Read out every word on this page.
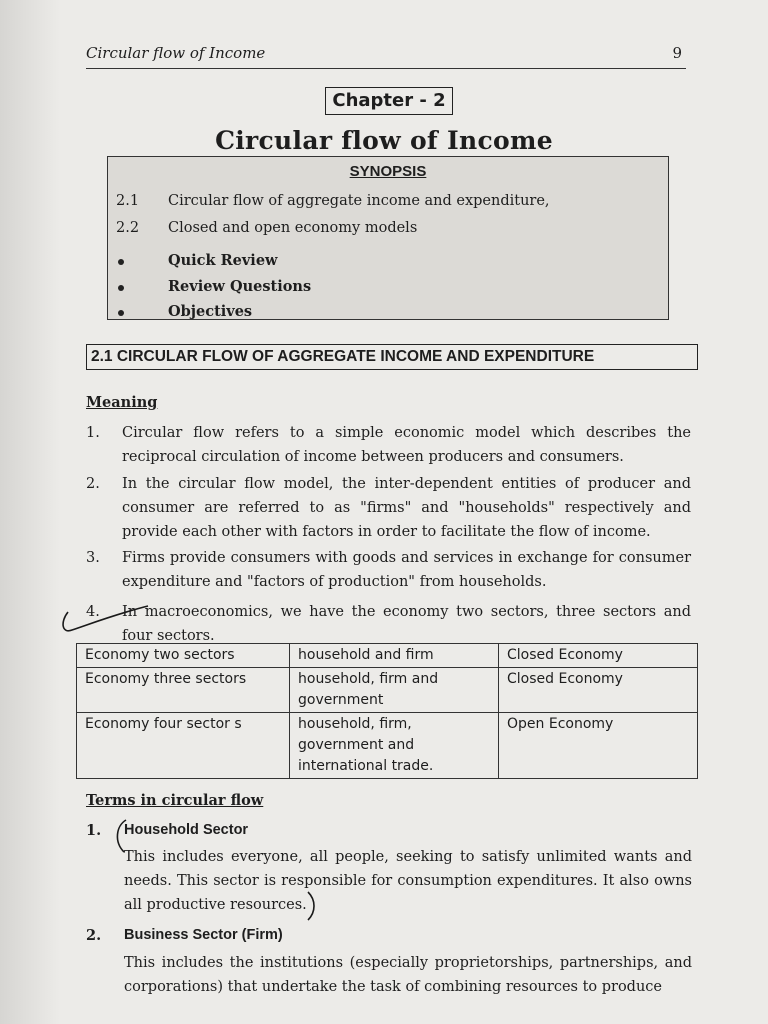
Circular flow of Income	9
Chapter - 2
Circular flow of Income
SYNOPSIS
2.1	Circular flow of aggregate income and expenditure,
2.2	Closed and open economy models
Quick Review
Review Questions
Objectives
2.1 CIRCULAR FLOW OF AGGREGATE INCOME AND EXPENDITURE
Meaning
1. Circular flow refers to a simple economic model which describes the reciprocal circulation of income between producers and consumers.
2. In the circular flow model, the inter-dependent entities of producer and consumer are referred to as "firms" and "households" respectively and provide each other with factors in order to facilitate the flow of income.
3. Firms provide consumers with goods and services in exchange for consumer expenditure and "factors of production" from households.
4. In macroeconomics, we have the economy two sectors, three sectors and four sectors.
Economy two sectors	household and firm	Closed Economy
Economy three sectors	household, firm and government	Closed Economy
Economy four sector s	household, firm, government and international trade.	Open Economy
Terms in circular flow
1. Household Sector
This includes everyone, all people, seeking to satisfy unlimited wants and needs. This sector is responsible for consumption expenditures. It also owns all productive resources.
2. Business Sector (Firm)
This includes the institutions (especially proprietorships, partnerships, and corporations) that undertake the task of combining resources to produce
